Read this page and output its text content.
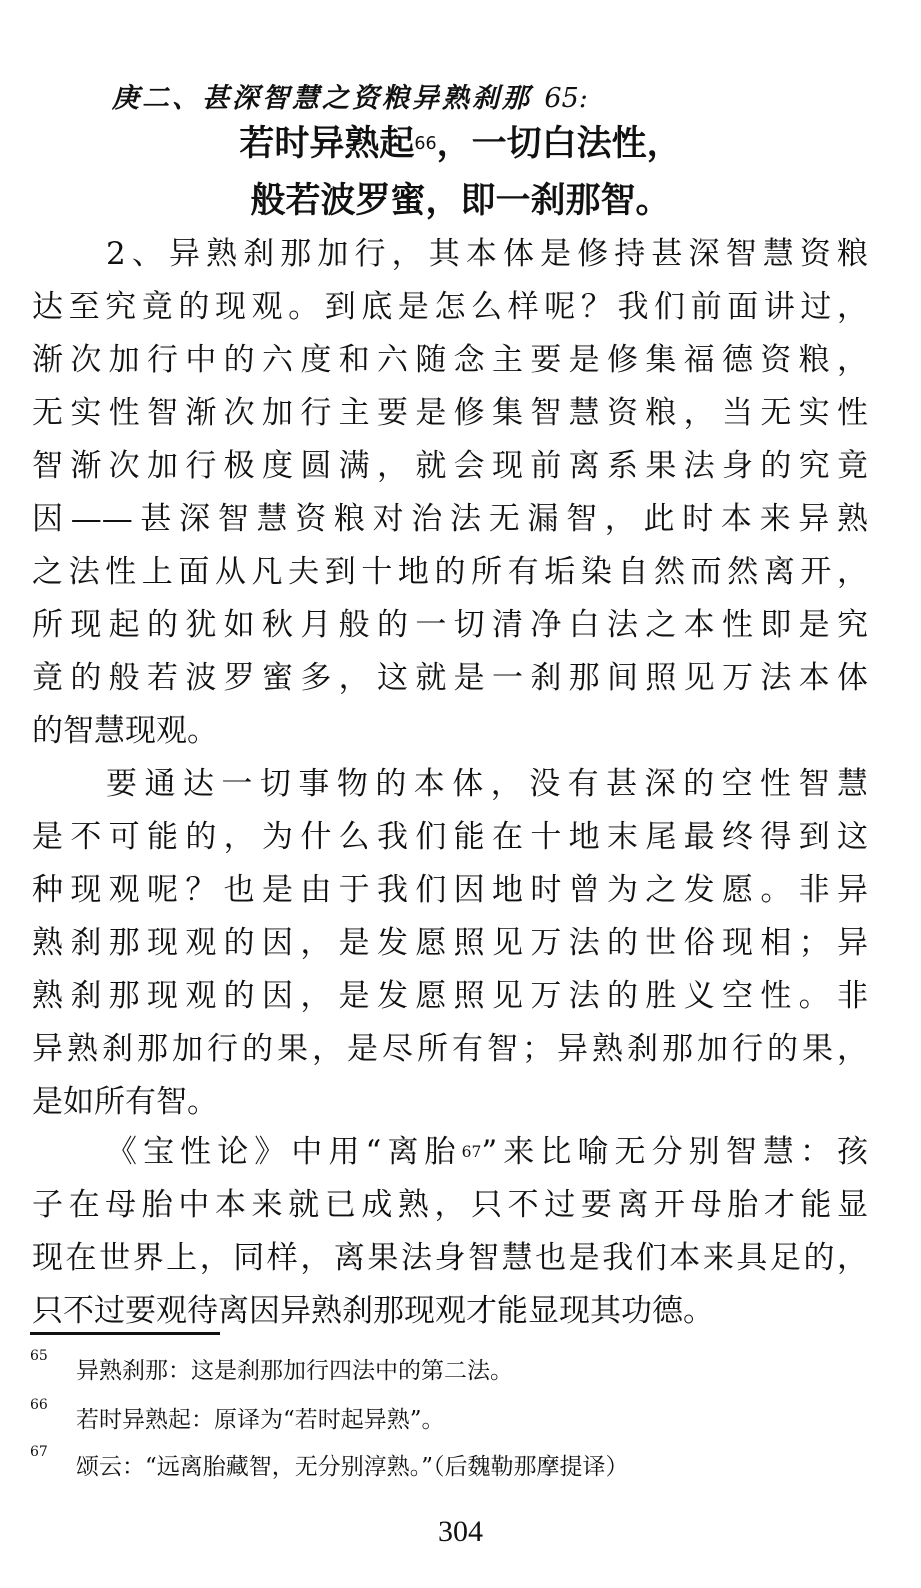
庚二、甚深智慧之资粮异熟刹那 65:
若时异熟起$^{66}$，一切白法性，
般若波罗蜜，即一刹那智。
2、异熟刹那加行，其本体是修持甚深智慧资粮
达至究竟的现观。到底是怎么样呢？我们前面讲过，
渐次加行中的六度和六随念主要是修集福德资粮，
无实性智渐次加行主要是修集智慧资粮，当无实性
智渐次加行极度圆满，就会现前离系果法身的究竟
因——甚深智慧资粮对治法无漏智，此时本来异熟
之法性上面从凡夫到十地的所有垢染自然而然离开，
所现起的犹如秋月般的一切清净白法之本性即是究
竟的般若波罗蜜多，这就是一刹那间照见万法本体
的智慧现观。
要通达一切事物的本体，没有甚深的空性智慧
是不可能的，为什么我们能在十地末尾最终得到这
种现观呢？也是由于我们因地时曾为之发愿。非异
熟刹那现观的因，是发愿照见万法的世俗现相；异
熟刹那现观的因，是发愿照见万法的胜义空性。非
异熟刹那加行的果，是尽所有智；异熟刹那加行的果，
是如所有智。
《宝性论》中用“离胎$^{67}$”来比喻无分别智慧：孩
子在母胎中本来就已成熟，只不过要离开母胎才能显
现在世界上，同样，离果法身智慧也是我们本来具足的，
只不过要观待离因异熟刹那现观才能显现其功德。
65
异熟刹那：这是刹那加行四法中的第二法。
66
若时异熟起：原译为“若时起异熟”。
67
颂云：“远离胎藏智，无分别淳熟。”（后魏勒那摩提译）
304
